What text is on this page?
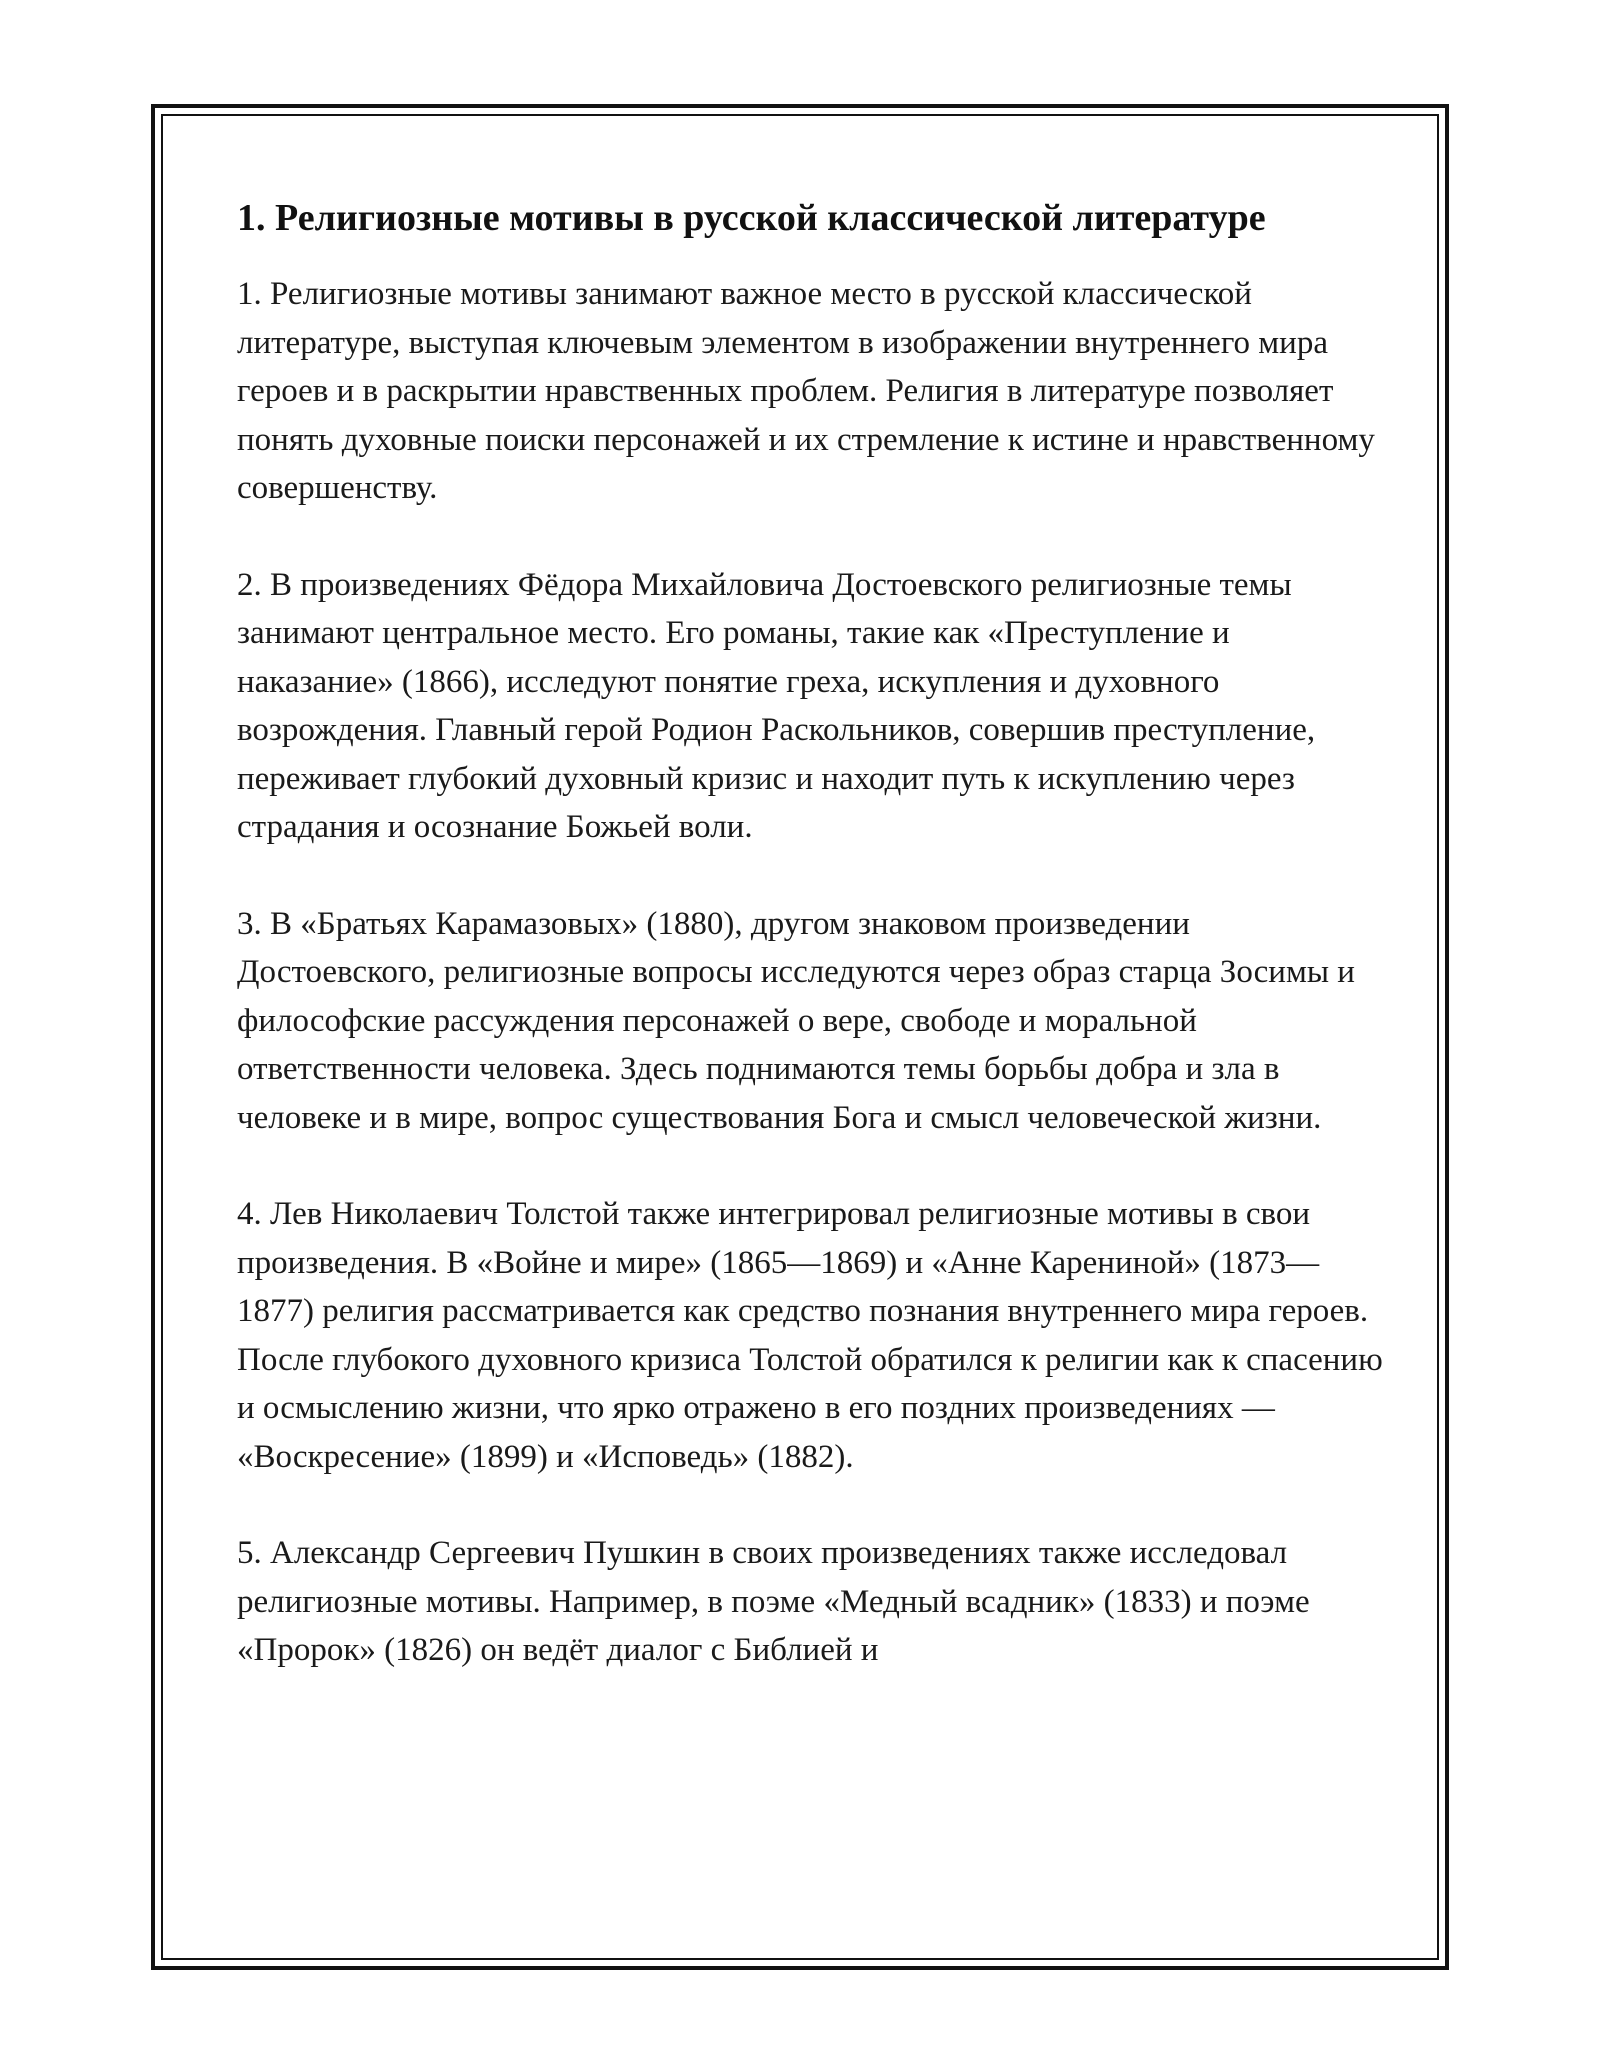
1. Религиозные мотивы в русской классической литературе

1. Религиозные мотивы занимают важное место в русской классической литературе, выступая ключевым элементом в изображении внутреннего мира героев и в раскрытии нравственных проблем. Религия в литературе позволяет понять духовные поиски персонажей и их стремление к истине и нравственному совершенству.

2. В произведениях Фёдора Михайловича Достоевского религиозные темы занимают центральное место. Его романы, такие как «Преступление и наказание» (1866), исследуют понятие греха, искупления и духовного возрождения. Главный герой Родион Раскольников, совершив преступление, переживает глубокий духовный кризис и находит путь к искуплению через страдания и осознание Божьей воли.

3. В «Братьях Карамазовых» (1880), другом знаковом произведении Достоевского, религиозные вопросы исследуются через образ старца Зосимы и философские рассуждения персонажей о вере, свободе и моральной ответственности человека. Здесь поднимаются темы борьбы добра и зла в человеке и в мире, вопрос существования Бога и смысл человеческой жизни.

4. Лев Николаевич Толстой также интегрировал религиозные мотивы в свои произведения. В «Войне и мире» (1865—1869) и «Анне Карениной» (1873—1877) религия рассматривается как средство познания внутреннего мира героев. После глубокого духовного кризиса Толстой обратился к религии как к спасению и осмыслению жизни, что ярко отражено в его поздних произведениях — «Воскресение» (1899) и «Исповедь» (1882).

5. Александр Сергеевич Пушкин в своих произведениях также исследовал религиозные мотивы. Например, в поэме «Медный всадник» (1833) и поэме «Пророк» (1826) он ведёт диалог с Библией и
